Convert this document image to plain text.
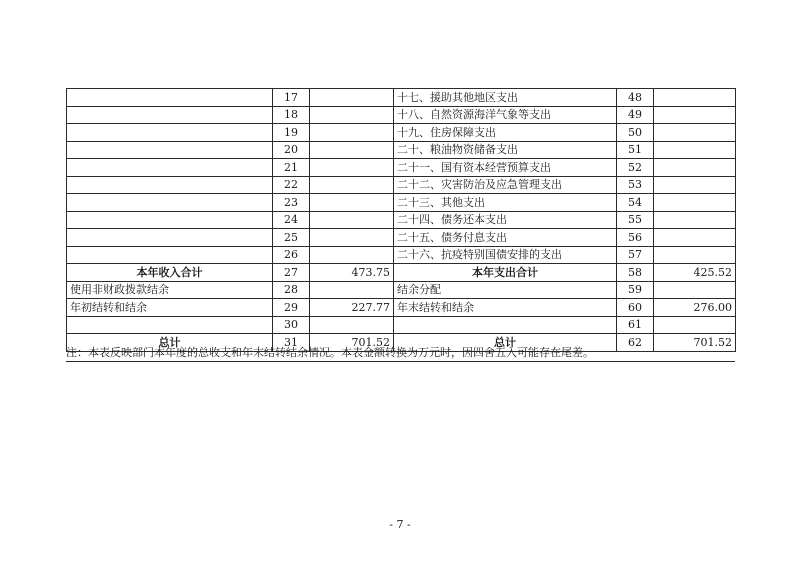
	17		十七、援助其他地区支出	48	
	18		十八、自然资源海洋气象等支出	49	
	19		十九、住房保障支出	50	
	20		二十、粮油物资储备支出	51	
	21		二十一、国有资本经营预算支出	52	
	22		二十二、灾害防治及应急管理支出	53	
	23		二十三、其他支出	54	
	24		二十四、债务还本支出	55	
	25		二十五、债务付息支出	56	
	26		二十六、抗疫特别国债安排的支出	57	
本年收入合计	27	473.75	本年支出合计	58	425.52
使用非财政拨款结余	28		结余分配	59	
年初结转和结余	29	227.77	年末结转和结余	60	276.00
	30			61	
总计	31	701.52	总计	62	701.52
注：本表反映部门本年度的总收支和年末结转结余情况。本表金额转换为万元时，因四舍五入可能存在尾差。
- 7 -
